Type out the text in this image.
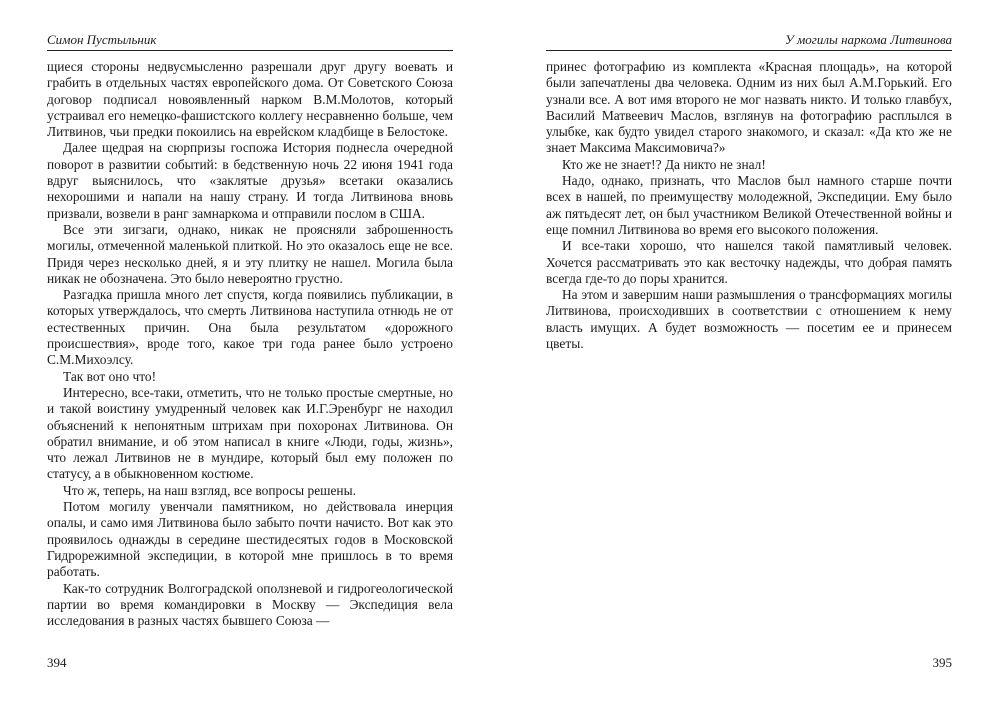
Симон Пустыльник

щиеся стороны недвусмысленно разрешали друг другу воевать и грабить в отдельных частях европейского дома. От Советского Союза договор подписал новоявленный нарком В.М.Молотов, который устраивал его немецко-фашистского коллегу несравненно больше, чем Литвинов, чьи предки покоились на еврейском кладбище в Белостоке.

Далее щедрая на сюрпризы госпожа История поднесла очередной поворот в развитии событий: в бедственную ночь 22 июня 1941 года вдруг выяснилось, что «заклятые друзья» всетаки оказались нехорошими и напали на нашу страну. И тогда Литвинова вновь призвали, возвели в ранг замнаркома и отправили послом в США.

Все эти зигзаги, однако, никак не проясняли заброшенность могилы, отмеченной маленькой плиткой. Но это оказалось еще не все. Придя через несколько дней, я и эту плитку не нашел. Могила была никак не обозначена. Это было невероятно грустно.

Разгадка пришла много лет спустя, когда появились публикации, в которых утверждалось, что смерть Литвинова наступила отнюдь не от естественных причин. Она была результатом «дорожного происшествия», вроде того, какое три года ранее было устроено С.М.Михоэлсу.

Так вот оно что!

Интересно, все-таки, отметить, что не только простые смертные, но и такой воистину умудренный человек как И.Г.Эренбург не находил объяснений к непонятным штрихам при похоронах Литвинова. Он обратил внимание, и об этом написал в книге «Люди, годы, жизнь», что лежал Литвинов не в мундире, который был ему положен по статусу, а в обыкновенном костюме.

Что ж, теперь, на наш взгляд, все вопросы решены.

Потом могилу увенчали памятником, но действовала инерция опалы, и само имя Литвинова было забыто почти начисто. Вот как это проявилось однажды в середине шестидесятых годов в Московской Гидрорежимной экспедиции, в которой мне пришлось в то время работать.

Как-то сотрудник Волгоградской оползневой и гидрогеологической партии во время командировки в Москву — Экспедиция вела исследования в разных частях бывшего Союза —

394
У могилы наркома Литвинова

принес фотографию из комплекта «Красная площадь», на которой были запечатлены два человека. Одним из них был А.М.Горький. Его узнали все. А вот имя второго не мог назвать никто. И только главбух, Василий Матвеевич Маслов, взглянув на фотографию расплылся в улыбке, как будто увидел старого знакомого, и сказал: «Да кто же не знает Максима Максимовича?»

Кто же не знает!? Да никто не знал!

Надо, однако, признать, что Маслов был намного старше почти всех в нашей, по преимуществу молодежной, Экспедиции. Ему было аж пятьдесят лет, он был участником Великой Отечественной войны и еще помнил Литвинова во время его высокого положения.

И все-таки хорошо, что нашелся такой памятливый человек. Хочется рассматривать это как весточку надежды, что добрая память всегда где-то до поры хранится.

На этом и завершим наши размышления о трансформациях могилы Литвинова, происходивших в соответствии с отношением к нему власть имущих. А будет возможность — посетим ее и принесем цветы.

395
